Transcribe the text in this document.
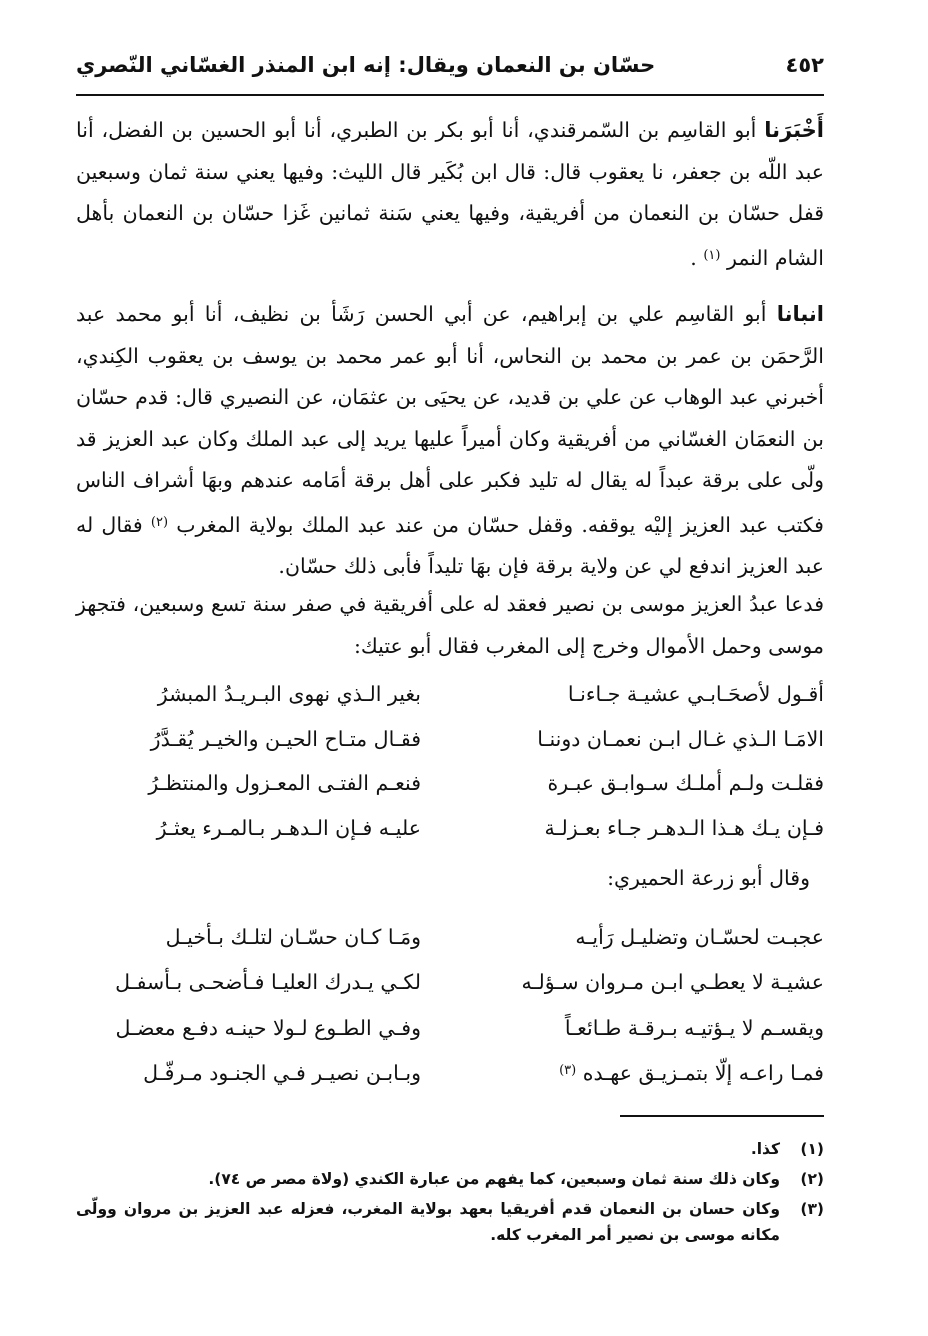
٤٥٢
حسّان بن النعمان ويقال: إنه ابن المنذر الغسّاني النّصري

أَخْبَرَنا أبو القاسِم بن السّمرقندي، أنا أبو بكر بن الطبري، أنا أبو الحسين بن الفضل، أنا عبد اللّه بن جعفر، نا يعقوب قال: قال ابن بُكَير قال الليث: وفيها يعني سنة ثمان وسبعين قفل حسّان بن النعمان من أفريقية، وفيها يعني سَنة ثمانين غَزا حسّان بن النعمان بأهل الشام النمر $^{(١)}$ .

انبانا أبو القاسِم علي بن إبراهيم، عن أبي الحسن رَشَأ بن نظيف، أنا أبو محمد عبد الرَّحمَن بن عمر بن محمد بن النحاس، أنا أبو عمر محمد بن يوسف بن يعقوب الكِندي، أخبرني عبد الوهاب عن علي بن قديد، عن يحيَى بن عثمَان، عن النصيري قال: قدم حسّان بن النعمَان الغسّاني من أفريقية وكان أميراً عليها يريد إلى عبد الملك وكان عبد العزيز قد ولّى على برقة عبداً له يقال له تليد فكبر على أهل برقة أمَامه عندهم وبهَا أشراف الناس فكتب عبد العزيز إليْه يوقفه. وقفل حسّان من عند عبد الملك بولاية المغرب $^{(٢)}$ فقال له عبد العزيز اندفع لي عن ولاية برقة فإن بهَا تليداً فأبى ذلك حسّان.

فدعا عبدُ العزيز موسى بن نصير فعقد له على أفريقية في صفر سنة تسع وسبعين، فتجهز موسى وحمل الأموال وخرج إلى المغرب فقال أبو عتيك:

أقـول لأصحَـابـي عشيـة جـاءنـا
بغير الـذي نهوى البـريـدُ المبشرُ
الامَـا الـذي غـال ابـن نعمـان دوننـا
فقـال متـاح الحيـن والخيـر يُقـدَّرُ
فقلـت ولـم أملـك سـوابـق عبـرة
فنعـم الفتـى المعـزول والمنتظـرُ
فـإن يـك هـذا الـدهـر جـاء بعـزلـة
عليـه فـإن الـدهـر بـالمـرء يعثـرُ
وقال أبو زرعة الحميري:
عجبـت لحسّـان وتضليـل رَأيـه
ومَـا كـان حسّـان لتلـك بـأخيـل
عشيـة لا يعطـي ابـن مـروان سـؤلـه
لكـي يـدرك العليـا فـأضحـى بـأسفـل
ويقسـم لا يـؤتيـه بـرقـة طـائعـاً
وفـي الطـوع لـولا حينـه دفـع معضـل
فمـا راعـه إلّا بتمـزيـق عهـده $^{(٣)}$
وبـابـن نصيـر فـي الجنـود مـرفّـل
(١)
كذا.
(٢)
وكان ذلك سنة ثمان وسبعين، كما يفهم من عبارة الكندي (ولاة مصر ص ٧٤).
(٣)
وكان حسان بن النعمان قدم أفريقيا بعهد بولاية المغرب، فعزله عبد العزيز بن مروان وولّى مكانه موسى بن نصير أمر المغرب كله.
